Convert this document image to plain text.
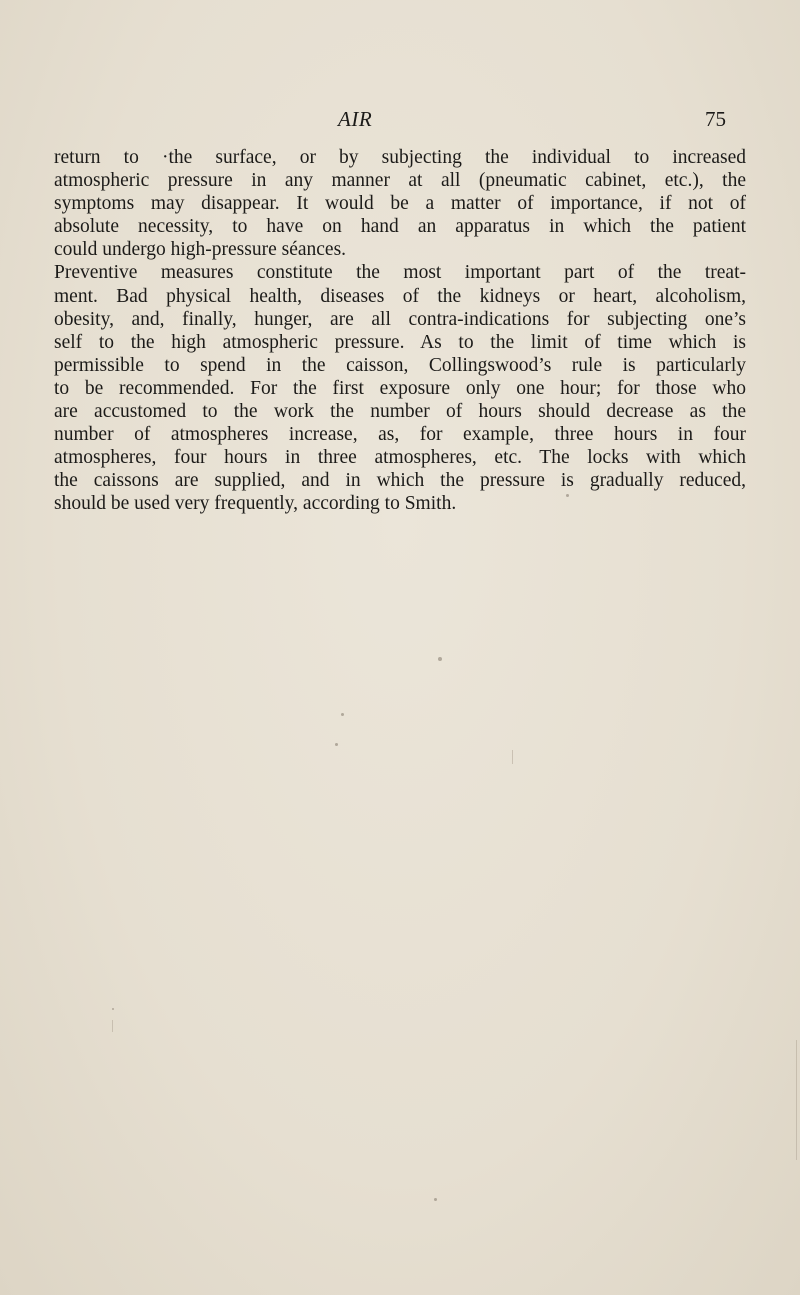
AIR	75
return to ·the surface, or by subjecting the individual to increased
atmospheric pressure in any manner at all (pneumatic cabinet, etc.), the
symptoms may disappear. It would be a matter of importance, if not of
absolute necessity, to have on hand an apparatus in which the patient
could undergo high-pressure séances.
Preventive measures constitute the most important part of the treat-
ment. Bad physical health, diseases of the kidneys or heart, alcoholism,
obesity, and, finally, hunger, are all contra-indications for subjecting one’s
self to the high atmospheric pressure. As to the limit of time which is
permissible to spend in the caisson, Collingswood’s rule is particularly
to be recommended. For the first exposure only one hour; for those who
are accustomed to the work the number of hours should decrease as the
number of atmospheres increase, as, for example, three hours in four
atmospheres, four hours in three atmospheres, etc. The locks with which
the caissons are supplied, and in which the pressure is gradually reduced,
should be used very frequently, according to Smith.
